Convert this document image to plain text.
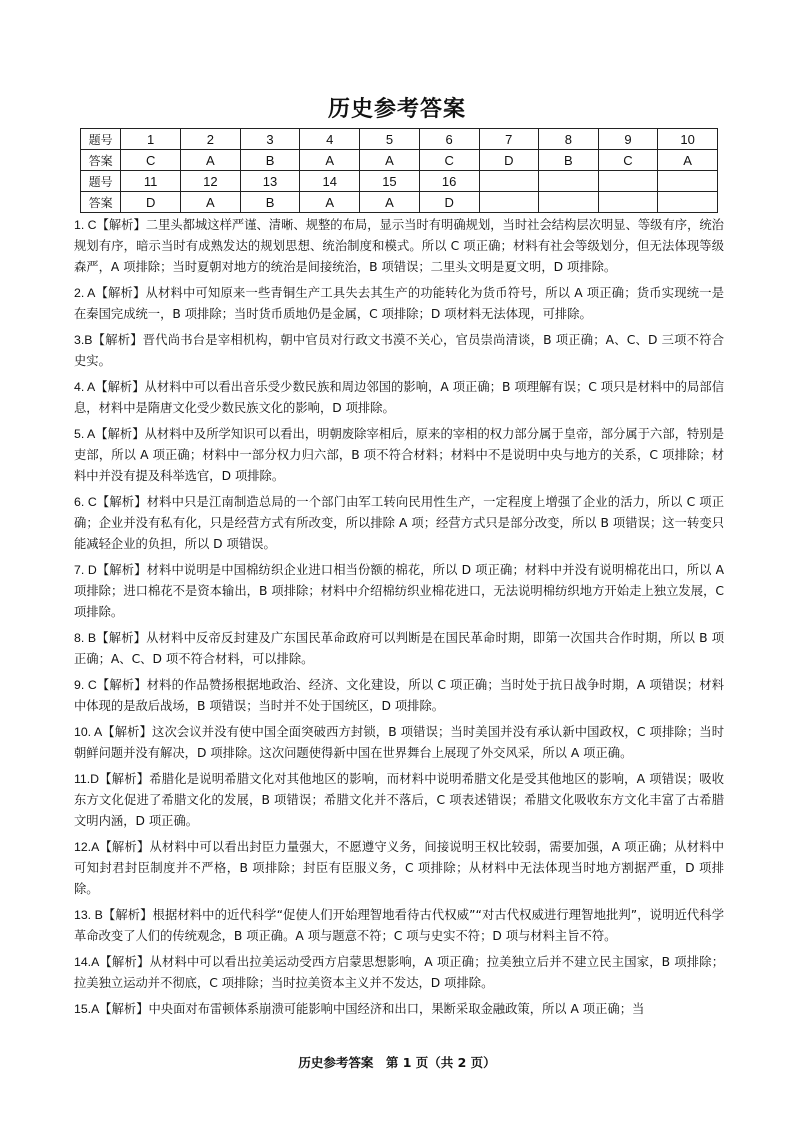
历史参考答案
题号	1	2	3	4	5	6	7	8	9	10
答案	C	A	B	A	A	C	D	B	C	A
题号	11	12	13	14	15	16				
答案	D	A	B	A	A	D				

1. C【解析】二里头都城这样严谨、清晰、规整的布局，显示当时有明确规划，当时社会结构层次明显、等级有序，统治规划有序，暗示当时有成熟发达的规划思想、统治制度和模式。所以 C 项正确；材料有社会等级划分，但无法体现等级森严，A 项排除；当时夏朝对地方的统治是间接统治，B 项错误；二里头文明是夏文明，D 项排除。

2. A【解析】从材料中可知原来一些青铜生产工具失去其生产的功能转化为货币符号，所以 A 项正确；货币实现统一是在秦国完成统一，B 项排除；当时货币质地仍是金属，C 项排除；D 项材料无法体现，可排除。

3.B【解析】晋代尚书台是宰相机构，朝中官员对行政文书漠不关心，官员崇尚清谈，B 项正确；A、C、D 三项不符合史实。

4. A【解析】从材料中可以看出音乐受少数民族和周边邻国的影响，A 项正确；B 项理解有误；C 项只是材料中的局部信息，材料中是隋唐文化受少数民族文化的影响，D 项排除。

5. A【解析】从材料中及所学知识可以看出，明朝废除宰相后，原来的宰相的权力部分属于皇帝，部分属于六部，特别是吏部，所以 A 项正确；材料中一部分权力归六部，B 项不符合材料；材料中不是说明中央与地方的关系，C 项排除；材料中并没有提及科举选官，D 项排除。

6. C【解析】材料中只是江南制造总局的一个部门由军工转向民用性生产，一定程度上增强了企业的活力，所以 C 项正确；企业并没有私有化，只是经营方式有所改变，所以排除 A 项；经营方式只是部分改变，所以 B 项错误；这一转变只能减轻企业的负担，所以 D 项错误。

7. D【解析】材料中说明是中国棉纺织企业进口相当份额的棉花，所以 D 项正确；材料中并没有说明棉花出口，所以 A 项排除；进口棉花不是资本输出，B 项排除；材料中介绍棉纺织业棉花进口，无法说明棉纺织地方开始走上独立发展，C 项排除。

8. B【解析】从材料中反帝反封建及广东国民革命政府可以判断是在国民革命时期，即第一次国共合作时期，所以 B 项正确；A、C、D 项不符合材料，可以排除。

9. C【解析】材料的作品赞扬根据地政治、经济、文化建设，所以 C 项正确；当时处于抗日战争时期，A 项错误；材料中体现的是敌后战场，B 项错误；当时并不处于国统区，D 项排除。

10. A【解析】这次会议并没有使中国全面突破西方封锁，B 项错误；当时美国并没有承认新中国政权，C 项排除；当时朝鲜问题并没有解决，D 项排除。这次问题使得新中国在世界舞台上展现了外交风采，所以 A 项正确。

11.D【解析】希腊化是说明希腊文化对其他地区的影响，而材料中说明希腊文化是受其他地区的影响，A 项错误；吸收东方文化促进了希腊文化的发展，B 项错误；希腊文化并不落后，C 项表述错误；希腊文化吸收东方文化丰富了古希腊文明内涵，D 项正确。

12.A【解析】从材料中可以看出封臣力量强大，不愿遵守义务，间接说明王权比较弱，需要加强，A 项正确；从材料中可知封君封臣制度并不严格，B 项排除；封臣有臣服义务，C 项排除；从材料中无法体现当时地方割据严重，D 项排除。

13. B【解析】根据材料中的近代科学“促使人们开始理智地看待古代权威”“对古代权威进行理智地批判”，说明近代科学革命改变了人们的传统观念，B 项正确。A 项与题意不符；C 项与史实不符；D 项与材料主旨不符。

14.A【解析】从材料中可以看出拉美运动受西方启蒙思想影响，A 项正确；拉美独立后并不建立民主国家，B 项排除；拉美独立运动并不彻底，C 项排除；当时拉美资本主义并不发达，D 项排除。

15.A【解析】中央面对布雷顿体系崩溃可能影响中国经济和出口，果断采取金融政策，所以 A 项正确；当

历史参考答案　第 1 页（共 2 页）
